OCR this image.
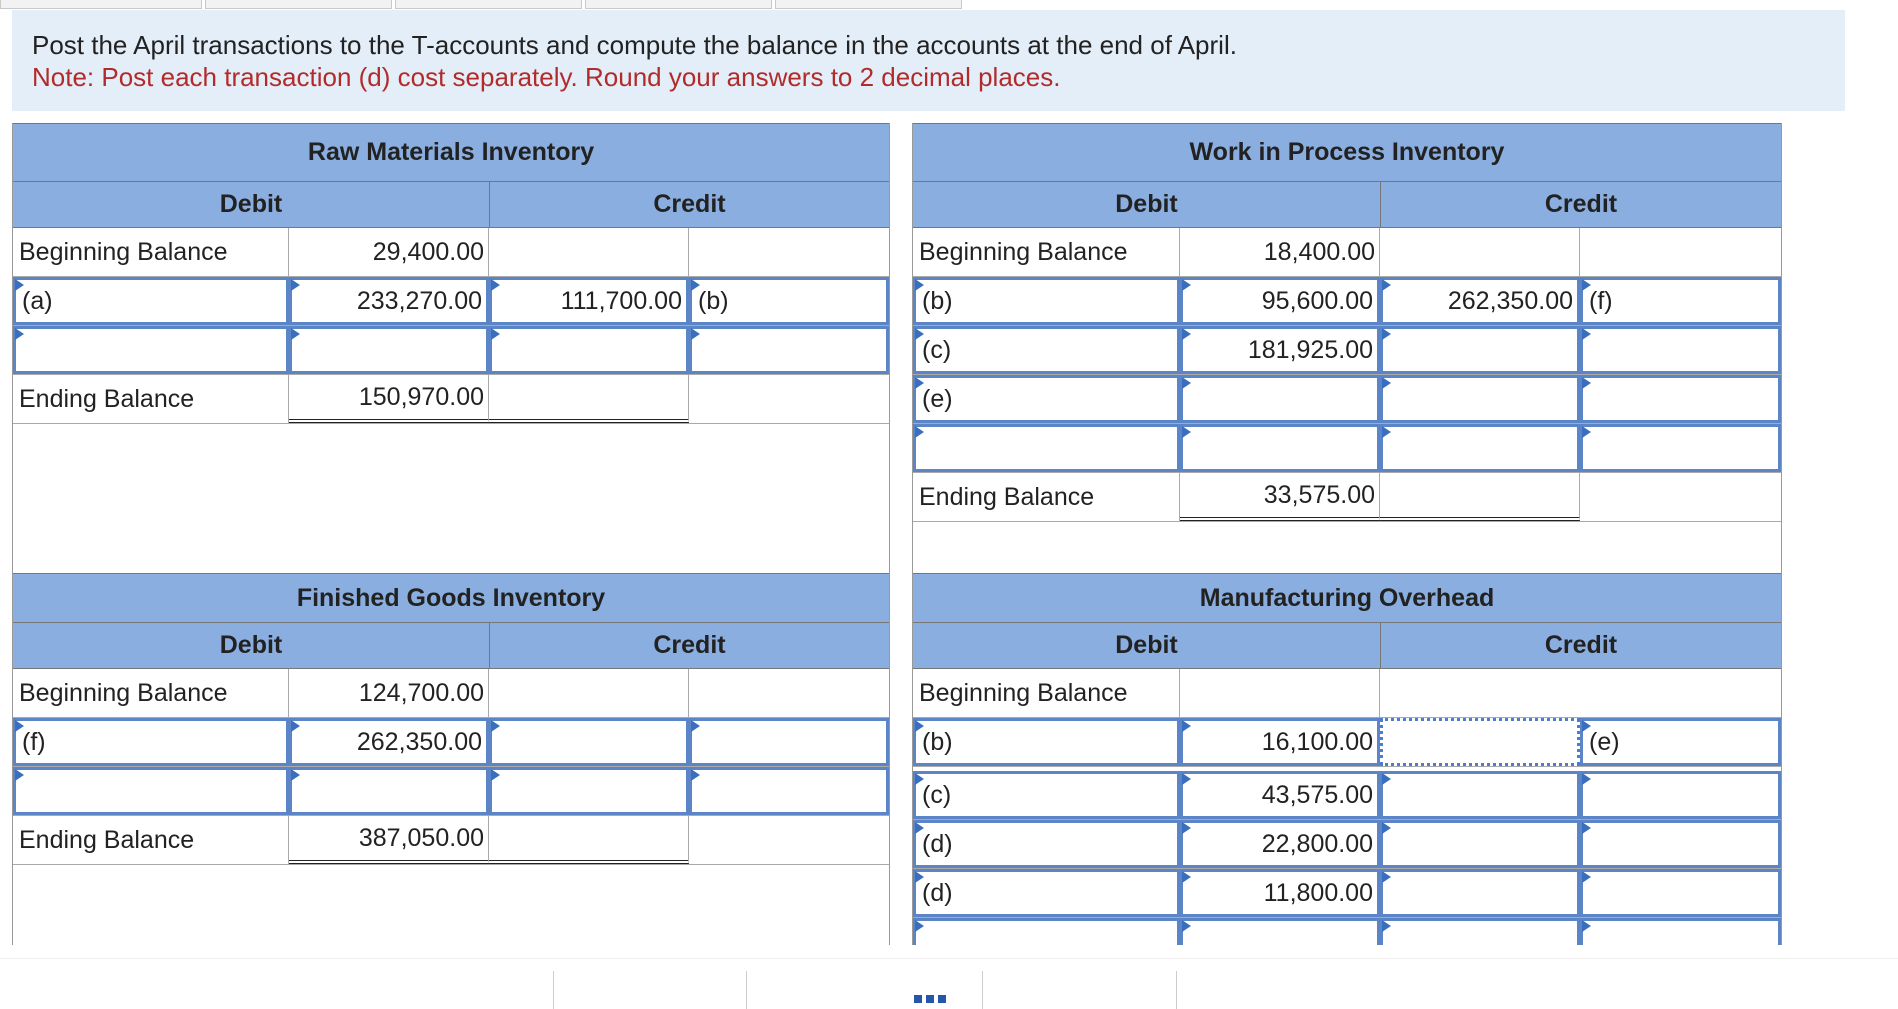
Post the April transactions to the T-accounts and compute the balance in the accounts at the end of April.
Note: Post each transaction (d) cost separately. Round your answers to 2 decimal places.
Raw Materials Inventory
Debit	Credit
Beginning Balance	29,400.00
(a)	233,270.00	111,700.00 (b)
Ending Balance	150,970.00
Work in Process Inventory
Debit	Credit
Beginning Balance	18,400.00
(b)	95,600.00	262,350.00 (f)
(c)	181,925.00
(e)
Ending Balance	33,575.00
Finished Goods Inventory
Debit	Credit
Beginning Balance	124,700.00
(f)	262,350.00
Ending Balance	387,050.00
Manufacturing Overhead
Debit	Credit
Beginning Balance
(b)	16,100.00	(e)
(c)	43,575.00
(d)	22,800.00
(d)	11,800.00
